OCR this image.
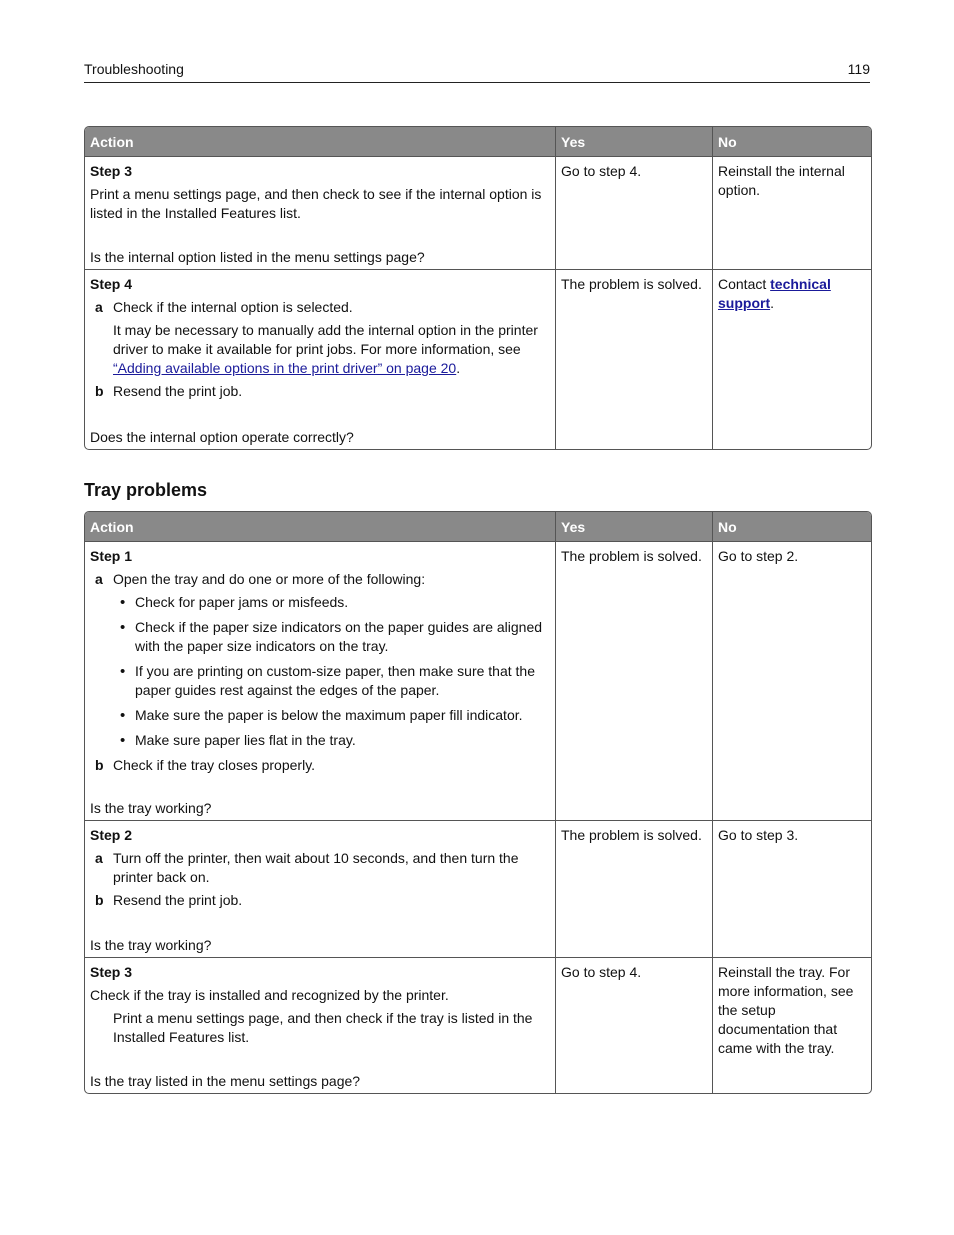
Troubleshooting	119
Action	Yes	No
Step 3
Print a menu settings page, and then check to see if the internal option is listed in the Installed Features list.
Is the internal option listed in the menu settings page?
Go to step 4.	Reinstall the internal option.
Step 4
a Check if the internal option is selected.
It may be necessary to manually add the internal option in the printer driver to make it available for print jobs. For more information, see “Adding available options in the print driver” on page 20.
b Resend the print job.
Does the internal option operate correctly?
The problem is solved.	Contact technical support.
Tray problems
Action	Yes	No
Step 1
a Open the tray and do one or more of the following:
• Check for paper jams or misfeeds.
• Check if the paper size indicators on the paper guides are aligned with the paper size indicators on the tray.
• If you are printing on custom-size paper, then make sure that the paper guides rest against the edges of the paper.
• Make sure the paper is below the maximum paper fill indicator.
• Make sure paper lies flat in the tray.
b Check if the tray closes properly.
Is the tray working?
The problem is solved.	Go to step 2.
Step 2
a Turn off the printer, then wait about 10 seconds, and then turn the printer back on.
b Resend the print job.
Is the tray working?
The problem is solved.	Go to step 3.
Step 3
Check if the tray is installed and recognized by the printer.
Print a menu settings page, and then check if the tray is listed in the Installed Features list.
Is the tray listed in the menu settings page?
Go to step 4.	Reinstall the tray. For more information, see the setup documentation that came with the tray.
